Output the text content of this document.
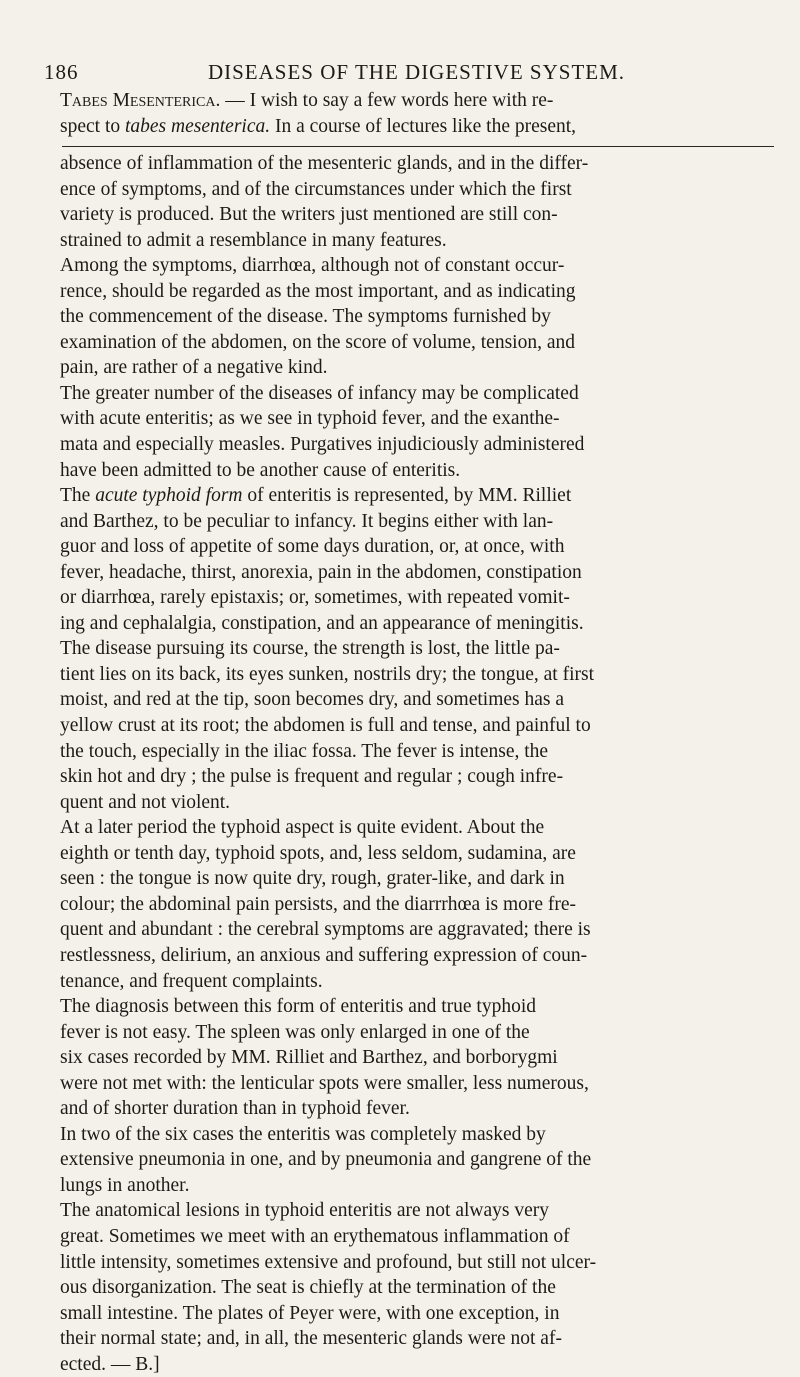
186	DISEASES OF THE DIGESTIVE SYSTEM.
Tabes Mesenterica. — I wish to say a few words here with re-
spect to tabes mesenterica. In a course of lectures like the present,
absence of inflammation of the mesenteric glands, and in the differ-
ence of symptoms, and of the circumstances under which the first
variety is produced. But the writers just mentioned are still con-
strained to admit a resemblance in many features.
Among the symptoms, diarrhœa, although not of constant occur-
rence, should be regarded as the most important, and as indicating
the commencement of the disease. The symptoms furnished by
examination of the abdomen, on the score of volume, tension, and
pain, are rather of a negative kind.
The greater number of the diseases of infancy may be complicated
with acute enteritis; as we see in typhoid fever, and the exanthe-
mata and especially measles. Purgatives injudiciously administered
have been admitted to be another cause of enteritis.
The acute typhoid form of enteritis is represented, by MM. Rilliet
and Barthez, to be peculiar to infancy. It begins either with lan-
guor and loss of appetite of some days duration, or, at once, with
fever, headache, thirst, anorexia, pain in the abdomen, constipation
or diarrhœa, rarely epistaxis; or, sometimes, with repeated vomit-
ing and cephalalgia, constipation, and an appearance of meningitis.
The disease pursuing its course, the strength is lost, the little pa-
tient lies on its back, its eyes sunken, nostrils dry; the tongue, at first
moist, and red at the tip, soon becomes dry, and sometimes has a
yellow crust at its root; the abdomen is full and tense, and painful to
the touch, especially in the iliac fossa. The fever is intense, the
skin hot and dry ; the pulse is frequent and regular ; cough infre-
quent and not violent.
At a later period the typhoid aspect is quite evident. About the
eighth or tenth day, typhoid spots, and, less seldom, sudamina, are
seen : the tongue is now quite dry, rough, grater-like, and dark in
colour; the abdominal pain persists, and the diarrrhœa is more fre-
quent and abundant : the cerebral symptoms are aggravated; there is
restlessness, delirium, an anxious and suffering expression of coun-
tenance, and frequent complaints.
The diagnosis between this form of enteritis and true typhoid
fever is not easy. The spleen was only enlarged in one of the
six cases recorded by MM. Rilliet and Barthez, and borborygmi
were not met with: the lenticular spots were smaller, less numerous,
and of shorter duration than in typhoid fever.
In two of the six cases the enteritis was completely masked by
extensive pneumonia in one, and by pneumonia and gangrene of the
lungs in another.
The anatomical lesions in typhoid enteritis are not always very
great. Sometimes we meet with an erythematous inflammation of
little intensity, sometimes extensive and profound, but still not ulcer-
ous disorganization. The seat is chiefly at the termination of the
small intestine. The plates of Peyer were, with one exception, in
their normal state; and, in all, the mesenteric glands were not af-
ected. — B.]
